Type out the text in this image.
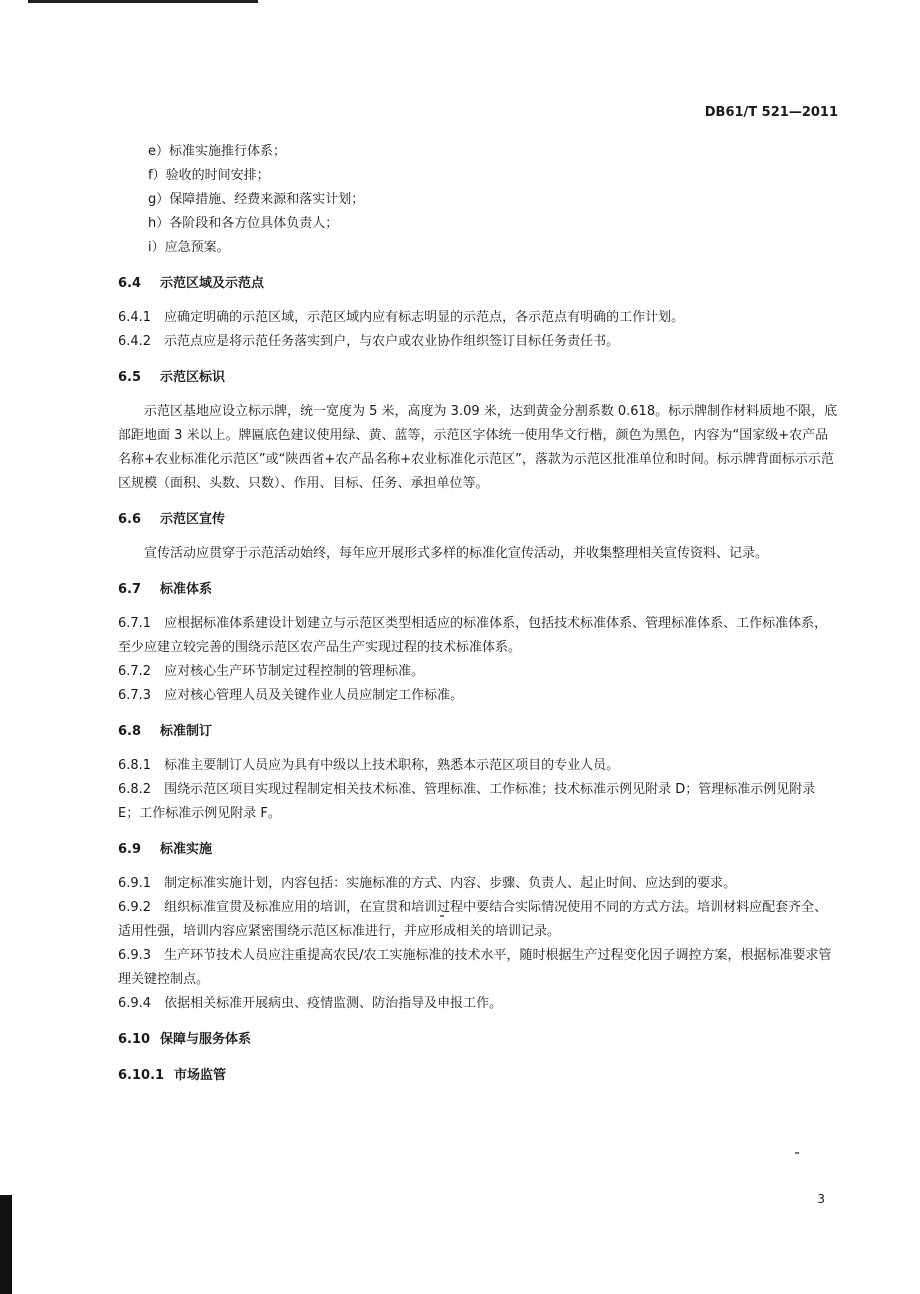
DB61/T 521—2011
e）标准实施推行体系；
f）验收的时间安排；
g）保障措施、经费来源和落实计划；
h）各阶段和各方位具体负责人；
i）应急预案。
6.4 示范区域及示范点
6.4.1　应确定明确的示范区域，示范区域内应有标志明显的示范点，各示范点有明确的工作计划。
6.4.2　示范点应是将示范任务落实到户，与农户或农业协作组织签订目标任务责任书。
6.5 示范区标识
示范区基地应设立标示牌，统一宽度为 5 米，高度为 3.09 米，达到黄金分割系数 0.618。标示牌制作材料质地不限，底部距地面 3 米以上。牌匾底色建议使用绿、黄、蓝等，示范区字体统一使用华文行楷，颜色为黑色，内容为“国家级+农产品名称+农业标准化示范区”或“陕西省+农产品名称+农业标准化示范区”，落款为示范区批准单位和时间。标示牌背面标示示范区规模（面积、头数、只数）、作用、目标、任务、承担单位等。
6.6 示范区宣传
宣传活动应贯穿于示范活动始终，每年应开展形式多样的标准化宣传活动，并收集整理相关宣传资料、记录。
6.7 标准体系
6.7.1　应根据标准体系建设计划建立与示范区类型相适应的标准体系，包括技术标准体系、管理标准体系、工作标准体系，至少应建立较完善的围绕示范区农产品生产实现过程的技术标准体系。
6.7.2　应对核心生产环节制定过程控制的管理标准。
6.7.3　应对核心管理人员及关键作业人员应制定工作标准。
6.8 标准制订
6.8.1　标准主要制订人员应为具有中级以上技术职称，熟悉本示范区项目的专业人员。
6.8.2　围绕示范区项目实现过程制定相关技术标准、管理标准、工作标准；技术标准示例见附录 D；管理标准示例见附录 E；工作标准示例见附录 F。
6.9 标准实施
6.9.1　制定标准实施计划，内容包括：实施标准的方式、内容、步骤、负责人、起止时间、应达到的要求。
6.9.2　组织标准宣贯及标准应用的培训，在宣贯和培训过程中要结合实际情况使用不同的方式方法。培训材料应配套齐全、适用性强，培训内容应紧密围绕示范区标准进行，并应形成相关的培训记录。
6.9.3　生产环节技术人员应注重提高农民/农工实施标准的技术水平，随时根据生产过程变化因子调控方案，根据标准要求管理关键控制点。
6.9.4　依据相关标准开展病虫、疫情监测、防治指导及申报工作。
6.10 保障与服务体系
6.10.1 市场监管
3
